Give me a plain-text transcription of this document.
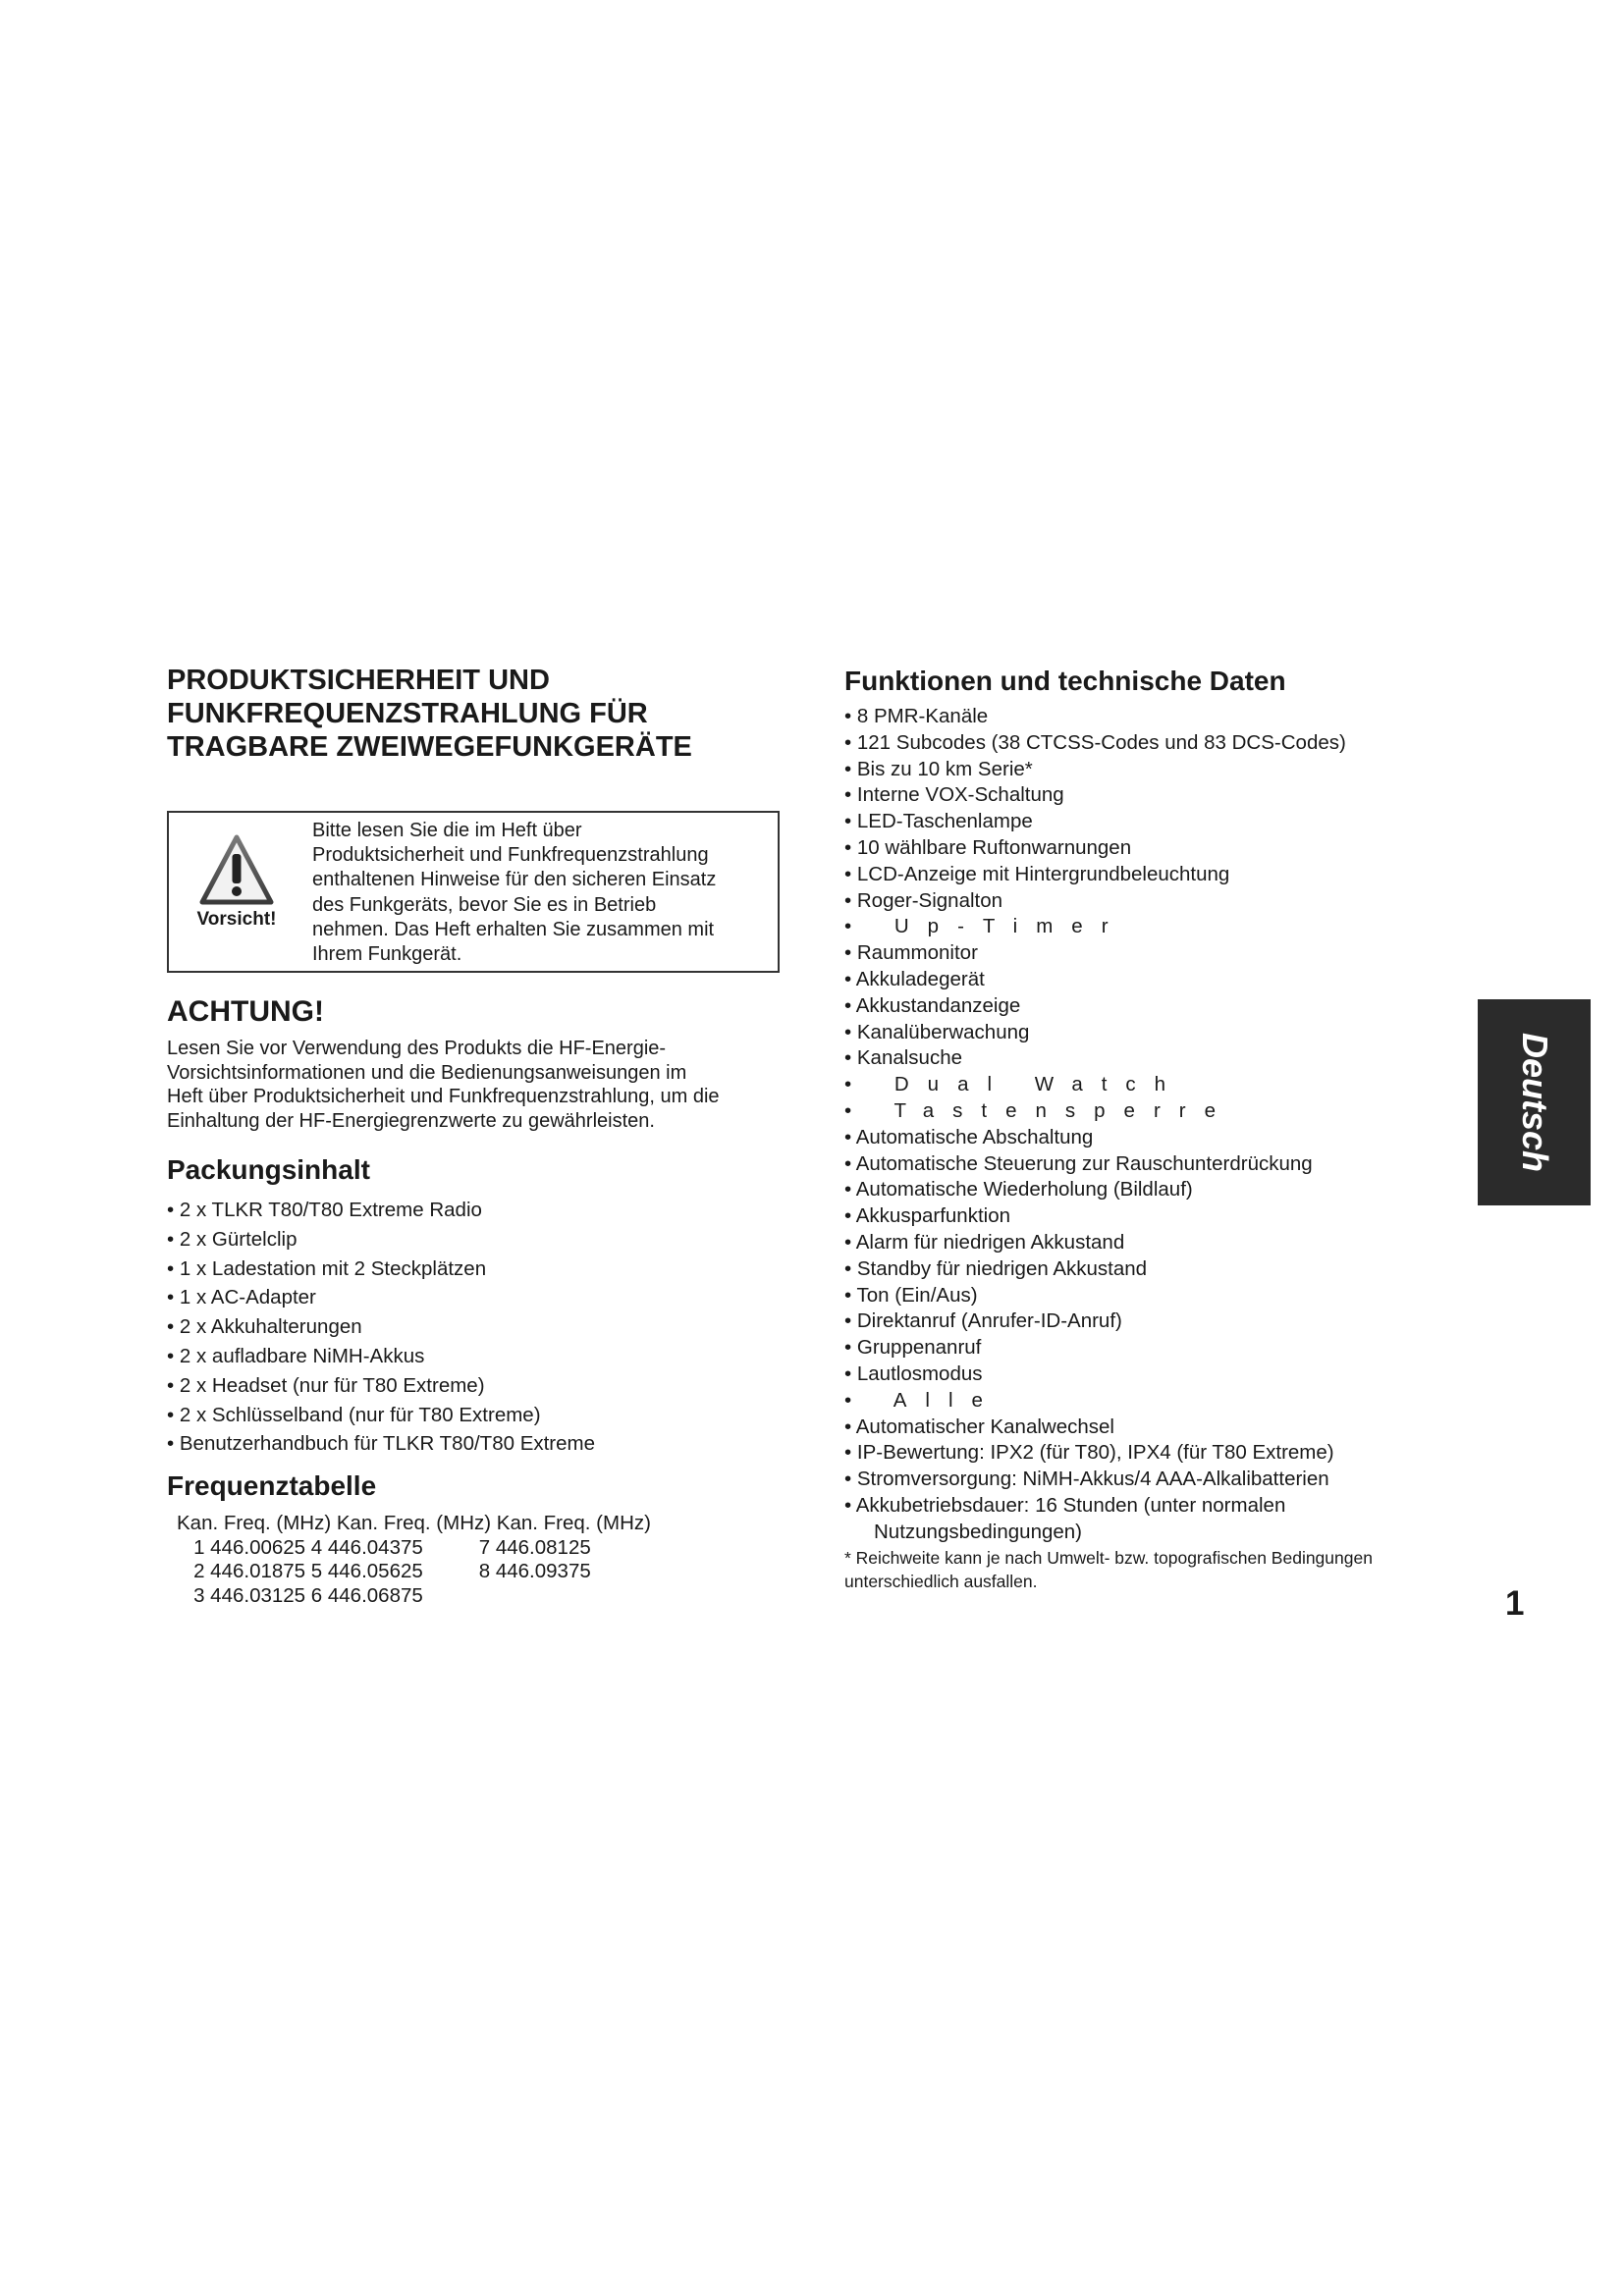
PRODUKTSICHERHEIT UND
FUNKFREQUENZSTRAHLUNG FÜR
TRAGBARE ZWEIWEGEFUNKGERÄTE
Vorsicht!
Bitte lesen Sie die im Heft über
Produktsicherheit und Funkfrequenzstrahlung
enthaltenen Hinweise für den sicheren Einsatz
des Funkgeräts, bevor Sie es in Betrieb
nehmen. Das Heft erhalten Sie zusammen mit
Ihrem Funkgerät.
ACHTUNG!
Lesen Sie vor Verwendung des Produkts die HF-Energie-
Vorsichtsinformationen und die Bedienungsanweisungen im
Heft über Produktsicherheit und Funkfrequenzstrahlung, um die
Einhaltung der HF-Energiegrenzwerte zu gewährleisten.
Packungsinhalt
• 2 x TLKR T80/T80 Extreme Radio
• 2 x Gürtelclip
• 1 x Ladestation mit 2 Steckplätzen
• 1 x AC-Adapter
• 2 x Akkuhalterungen
• 2 x aufladbare NiMH-Akkus
• 2 x Headset (nur für T80 Extreme)
• 2 x Schlüsselband (nur für T80 Extreme)
• Benutzerhandbuch für TLKR T80/T80 Extreme
Frequenztabelle
Kan. Freq. (MHz) Kan. Freq. (MHz) Kan. Freq. (MHz)
1 446.00625 4 446.04375          7 446.08125
2 446.01875 5 446.05625          8 446.09375
3 446.03125 6 446.06875
Funktionen und technische Daten
• 8 PMR-Kanäle
• 121 Subcodes (38 CTCSS-Codes und 83 DCS-Codes)
• Bis zu 10 km Serie*
• Interne VOX-Schaltung
• LED-Taschenlampe
• 10 wählbare Ruftonwarnungen
• LCD-Anzeige mit Hintergrundbeleuchtung
• Roger-Signalton
• Up-Timer
• Raummonitor
• Akkuladegerät
• Akkustandanzeige
• Kanalüberwachung
• Kanalsuche
• Dual Watch
• Tastensperre
• Automatische Abschaltung
• Automatische Steuerung zur Rauschunterdrückung
• Automatische Wiederholung (Bildlauf)
• Akkusparfunktion
• Alarm für niedrigen Akkustand
• Standby für niedrigen Akkustand
• Ton (Ein/Aus)
• Direktanruf (Anrufer-ID-Anruf)
• Gruppenanruf
• Lautlosmodus
• Alle
• Automatischer Kanalwechsel
• IP-Bewertung: IPX2 (für T80), IPX4 (für T80 Extreme)
• Stromversorgung: NiMH-Akkus/4 AAA-Alkalibatterien
• Akkubetriebsdauer: 16 Stunden (unter normalen
Nutzungsbedingungen)
* Reichweite kann je nach Umwelt- bzw. topografischen Bedingungen
unterschiedlich ausfallen.
Deutsch
1
